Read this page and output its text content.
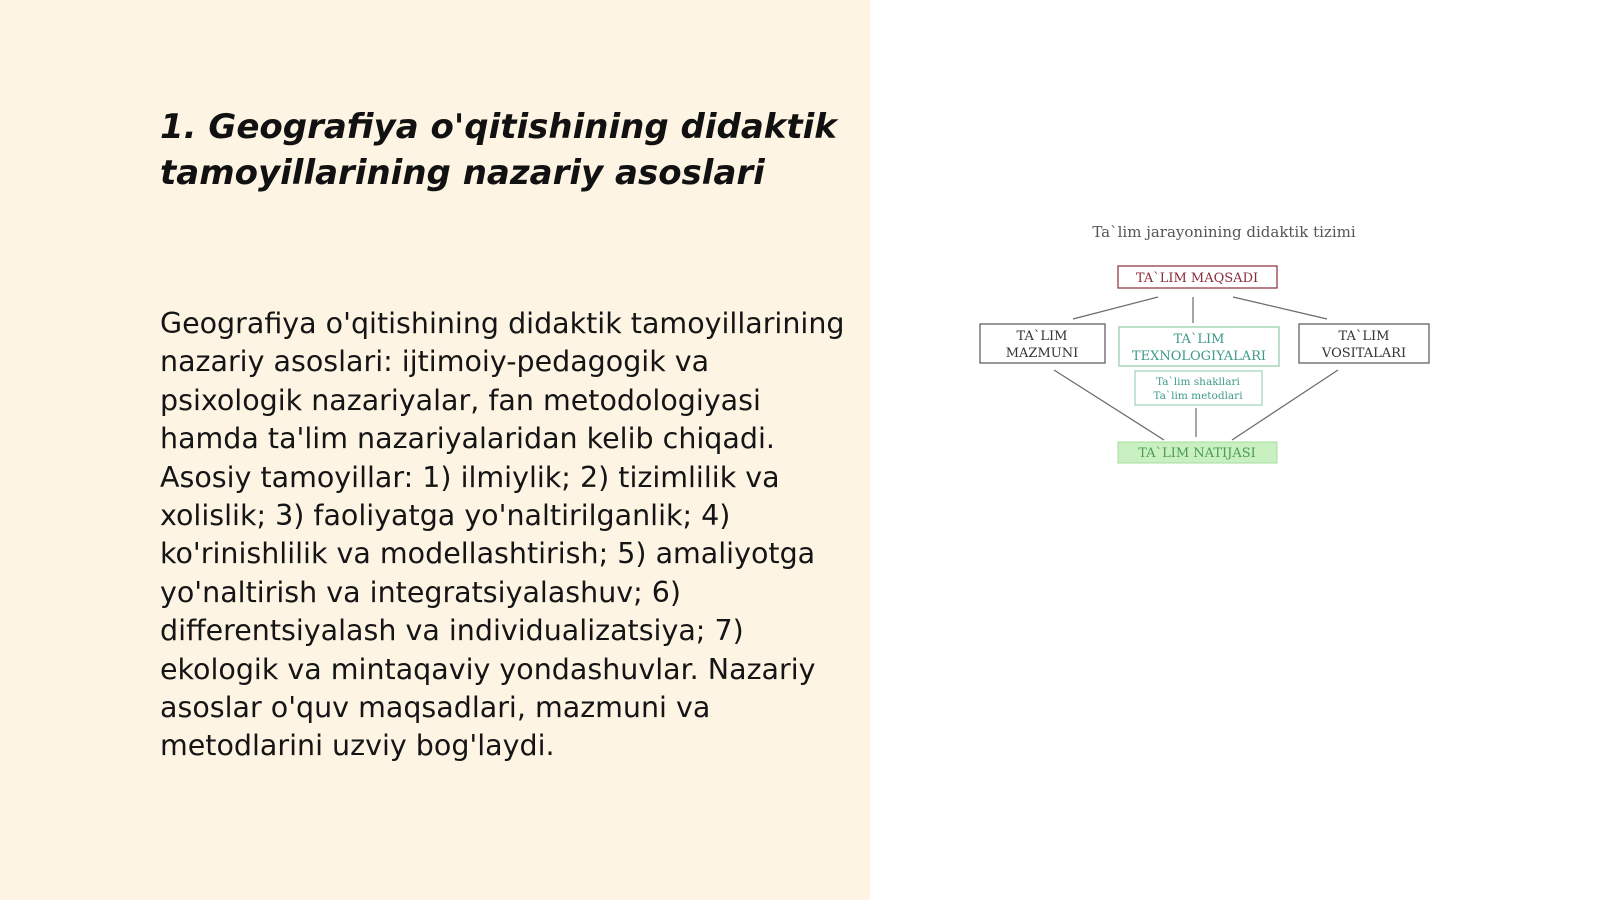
1. Geografiya o'qitishining didaktik tamoyillarining nazariy asoslari

Geografiya o'qitishining didaktik tamoyillarining nazariy asoslari: ijtimoiy-pedagogik va psixologik nazariyalar, fan metodologiyasi hamda ta'lim nazariyalaridan kelib chiqadi. Asosiy tamoyillar: 1) ilmiylik; 2) tizimlilik va xolislik; 3) faoliyatga yo'naltirilganlik; 4) ko'rinishlilik va modellashtirish; 5) amaliyotga yo'naltirish va integratsiyalashuv; 6) differentsiyalash va individualizatsiya; 7) ekologik va mintaqaviy yondashuvlar. Nazariy asoslar o'quv maqsadlari, mazmuni va metodlarini uzviy bog'laydi.

Ta`lim jarayonining didaktik tizimi
TA`LIM MAQSADI
TA`LIM
MAZMUNI
TA`LIM
TEXNOLOGIYALARI
Ta`lim shakllari
Ta`lim metodlari
TA`LIM
VOSITALARI
TA`LIM NATIJASI
